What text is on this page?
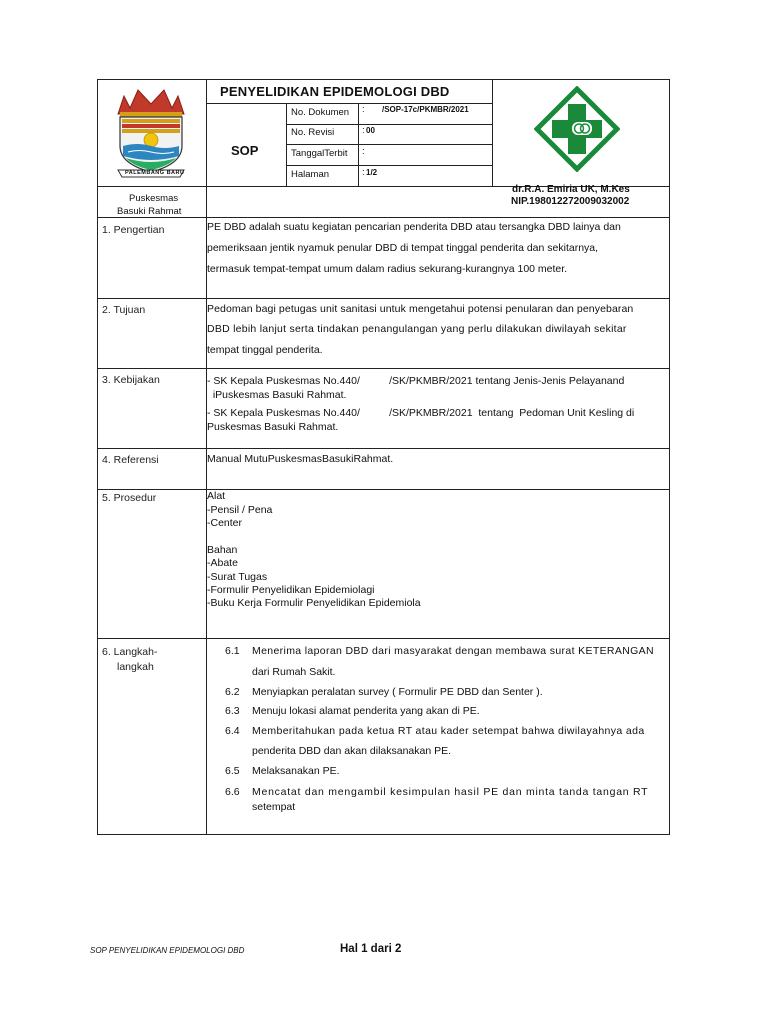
PALEMBANG BARU
PENYELIDIKAN EPIDEMOLOGI DBD
SOP
No. Dokumen : /SOP-17c/PKMBR/2021
No. Revisi	: 00
TanggalTerbit :
Halaman	: 1/2
Puskesmas
Basuki Rahmat
dr.R.A. Emiria UK, M.Kes
NIP.198012272009032002
1. Pengertian	PE DBD adalah suatu kegiatan pencarian penderita DBD atau tersangka DBD lainya dan
pemeriksaan jentik nyamuk penular DBD di tempat tinggal penderita dan sekitarnya,
termasuk tempat-tempat umum dalam radius sekurang-kurangnya 100 meter.
2. Tujuan	Pedoman bagi petugas unit sanitasi untuk mengetahui potensi penularan dan penyebaran
DBD lebih lanjut serta tindakan penangulangan yang perlu dilakukan diwilayah sekitar
tempat tinggal penderita.
3. Kebijakan	- SK Kepala Puskesmas No.440/          /SK/PKMBR/2021 tentang Jenis-Jenis Pelayanand
iPuskesmas Basuki Rahmat.
- SK Kepala Puskesmas No.440/          /SK/PKMBR/2021  tentang  Pedoman Unit Kesling di
Puskesmas Basuki Rahmat.
4. Referensi	Manual MutuPuskesmasBasukiRahmat.
5. Prosedur	Alat
-Pensil / Pena
-Center
Bahan
-Abate
-Surat Tugas
-Formulir Penyelidikan Epidemiolagi
-Buku Kerja Formulir Penyelidikan Epidemiola
6. Langkah-
langkah
6.1 Menerima laporan DBD dari masyarakat dengan membawa surat KETERANGAN
dari Rumah Sakit.
6.2 Menyiapkan peralatan survey ( Formulir PE DBD dan Senter ).
6.3 Menuju lokasi alamat penderita yang akan di PE.
6.4 Memberitahukan pada ketua RT atau kader setempat bahwa diwilayahnya ada
penderita DBD dan akan dilaksanakan PE.
6.5 Melaksanakan PE.
6.6 Mencatat dan mengambil kesimpulan hasil PE dan minta tanda tangan RT
setempat
SOP PENYELIDIKAN EPIDEMOLOGI DBD	Hal 1 dari 2
